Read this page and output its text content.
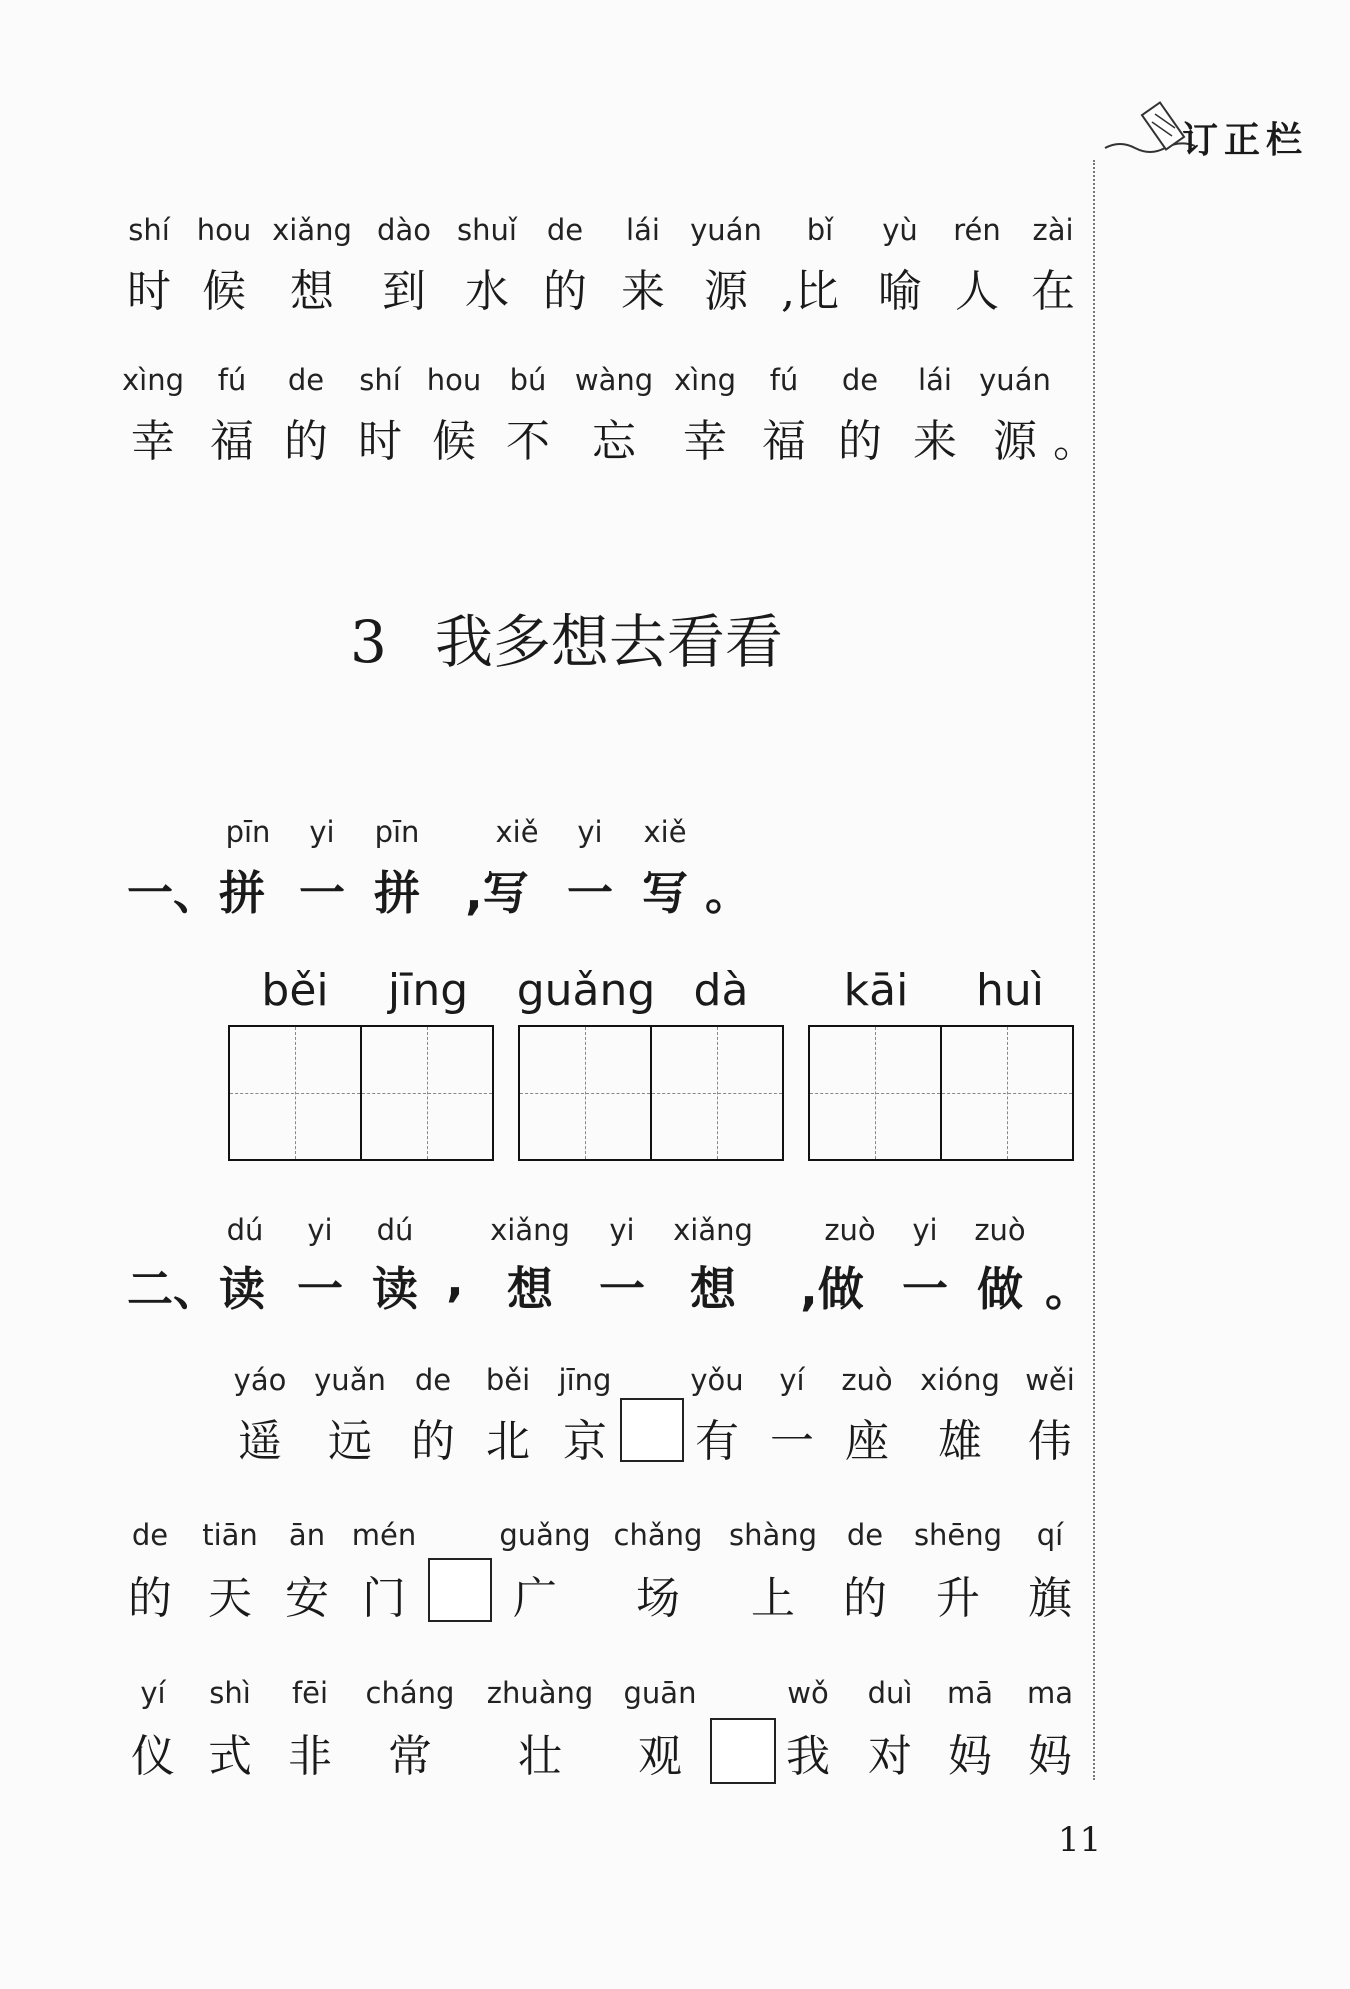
订正栏
shí hou xiǎng dào shuǐ de lái yuán bǐ yù rén zài
时 候 想 到 水 的 来 源 ,比 喻 人 在
xìng fú de shí hou bú wàng xìng fú de lái yuán
幸 福 的 时 候 不 忘 幸 福 的 来 源 。
3 我多想去看看
pīn yi pīn	xiě yi xiě
一、拼 一 拼 ,写 一 写 。
běi jīng guǎng dà kāi huì
dú yi dú	xiǎng yi xiǎng zuò yi zuò
二、读 一 读 , 想 一 想 ,做 一 做 。
yáo yuǎn de běi jīng	yǒu yí zuò xióng wěi
遥 远 的 北 京 有 一 座 雄 伟
de tiān ān mén	guǎng chǎng shàng de shēng qí
的 天 安 门 广 场 上 的 升 旗
yí shì fēi cháng zhuàng guān	wǒ duì mā ma
仪 式 非 常 壮 观 我 对 妈 妈
11
